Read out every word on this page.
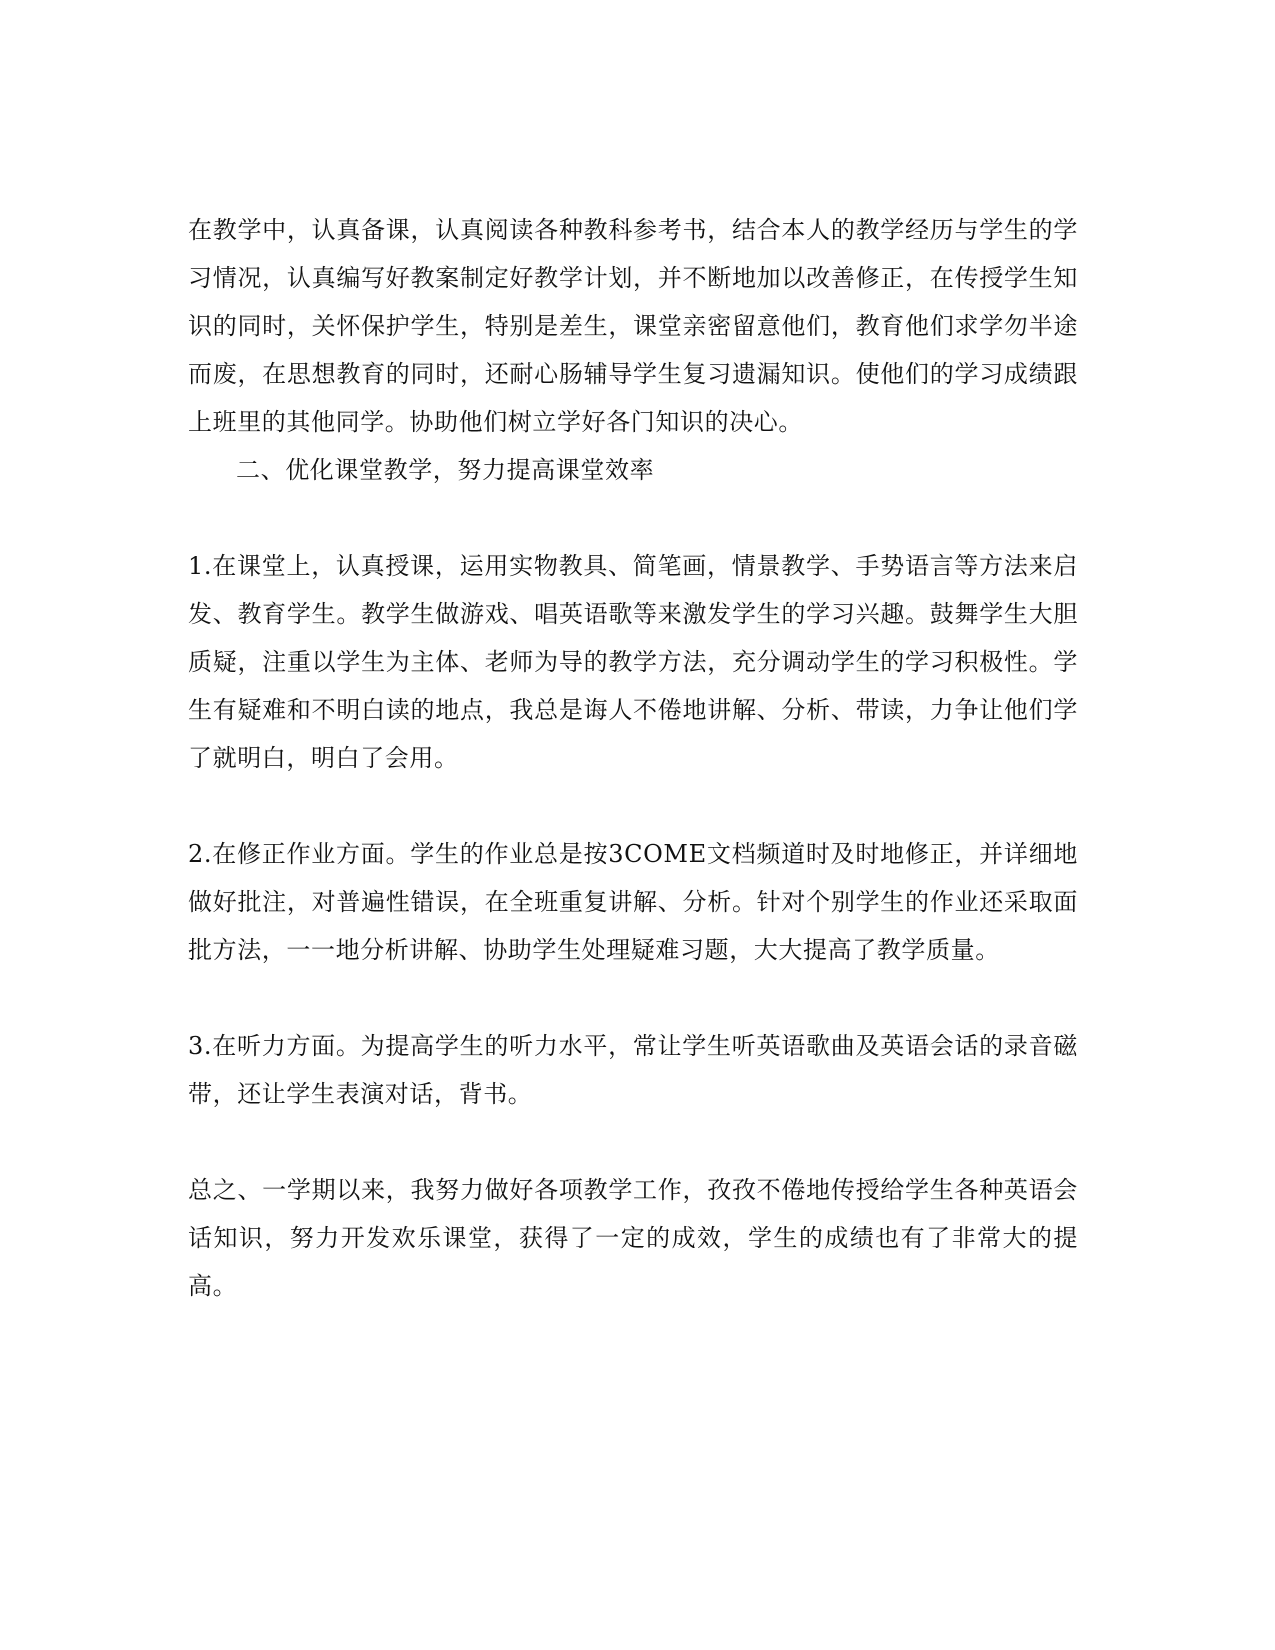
在教学中，认真备课，认真阅读各种教科参考书，结合本人的教学经历与学生的学习情况，认真编写好教案制定好教学计划，并不断地加以改善修正，在传授学生知识的同时，关怀保护学生，特别是差生，课堂亲密留意他们，教育他们求学勿半途而废，在思想教育的同时，还耐心肠辅导学生复习遗漏知识。使他们的学习成绩跟上班里的其他同学。协助他们树立学好各门知识的决心。

二、优化课堂教学，努力提高课堂效率

1.在课堂上，认真授课，运用实物教具、简笔画，情景教学、手势语言等方法来启发、教育学生。教学生做游戏、唱英语歌等来激发学生的学习兴趣。鼓舞学生大胆质疑，注重以学生为主体、老师为导的教学方法，充分调动学生的学习积极性。学生有疑难和不明白读的地点，我总是诲人不倦地讲解、分析、带读，力争让他们学了就明白，明白了会用。

2.在修正作业方面。学生的作业总是按3COME文档频道时及时地修正，并详细地做好批注，对普遍性错误，在全班重复讲解、分析。针对个别学生的作业还采取面批方法，一一地分析讲解、协助学生处理疑难习题，大大提高了教学质量。

3.在听力方面。为提高学生的听力水平，常让学生听英语歌曲及英语会话的录音磁带，还让学生表演对话，背书。

总之、一学期以来，我努力做好各项教学工作，孜孜不倦地传授给学生各种英语会话知识，努力开发欢乐课堂，获得了一定的成效，学生的成绩也有了非常大的提高。
